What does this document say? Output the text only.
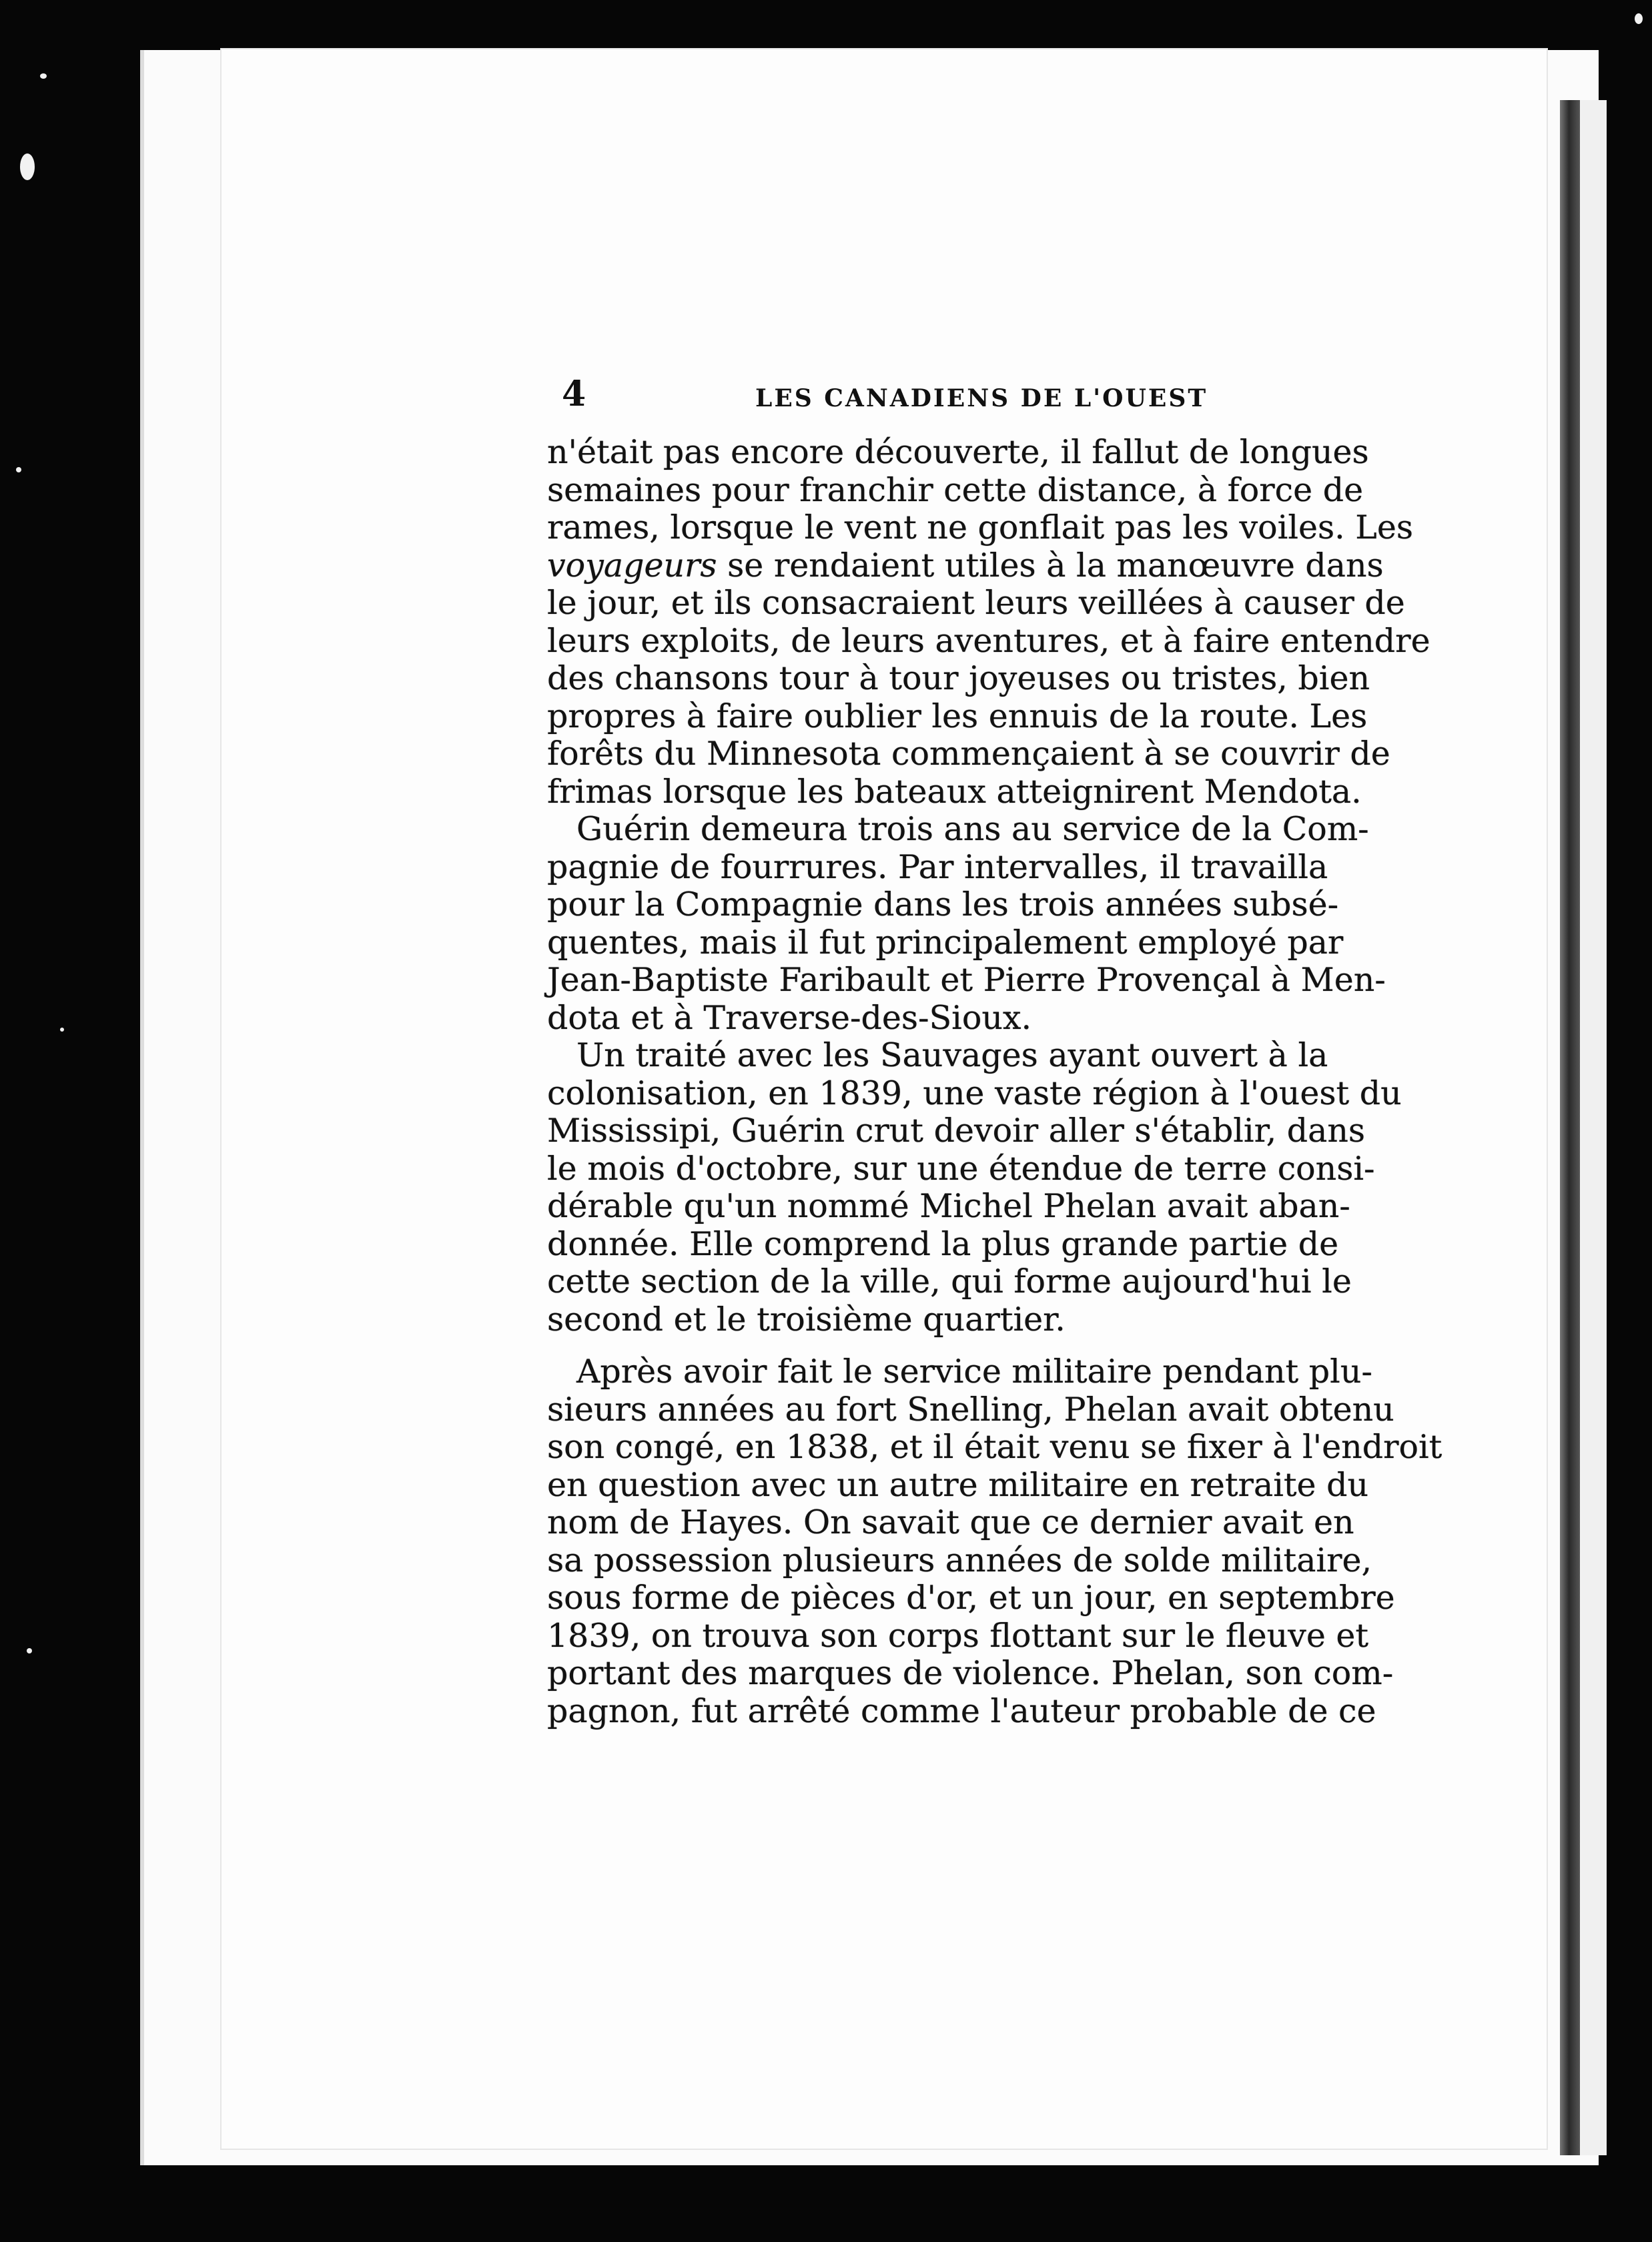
4	LES CANADIENS DE L'OUEST
n'était pas encore découverte, il fallut de longues
semaines pour franchir cette distance, à force de
rames, lorsque le vent ne gonflait pas les voiles. Les
voyageurs se rendaient utiles à la manœuvre dans
le jour, et ils consacraient leurs veillées à causer de
leurs exploits, de leurs aventures, et à faire entendre
des chansons tour à tour joyeuses ou tristes, bien
propres à faire oublier les ennuis de la route. Les
forêts du Minnesota commençaient à se couvrir de
frimas lorsque les bateaux atteignirent Mendota.
Guérin demeura trois ans au service de la Com-
pagnie de fourrures. Par intervalles, il travailla
pour la Compagnie dans les trois années subsé-
quentes, mais il fut principalement employé par
Jean-Baptiste Faribault et Pierre Provençal à Men-
dota et à Traverse-des-Sioux.
Un traité avec les Sauvages ayant ouvert à la
colonisation, en 1839, une vaste région à l'ouest du
Mississipi, Guérin crut devoir aller s'établir, dans
le mois d'octobre, sur une étendue de terre consi-
dérable qu'un nommé Michel Phelan avait aban-
donnée. Elle comprend la plus grande partie de
cette section de la ville, qui forme aujourd'hui le
second et le troisième quartier.
Après avoir fait le service militaire pendant plu-
sieurs années au fort Snelling, Phelan avait obtenu
son congé, en 1838, et il était venu se fixer à l'endroit
en question avec un autre militaire en retraite du
nom de Hayes. On savait que ce dernier avait en
sa possession plusieurs années de solde militaire,
sous forme de pièces d'or, et un jour, en septembre
1839, on trouva son corps flottant sur le fleuve et
portant des marques de violence. Phelan, son com-
pagnon, fut arrêté comme l'auteur probable de ce
